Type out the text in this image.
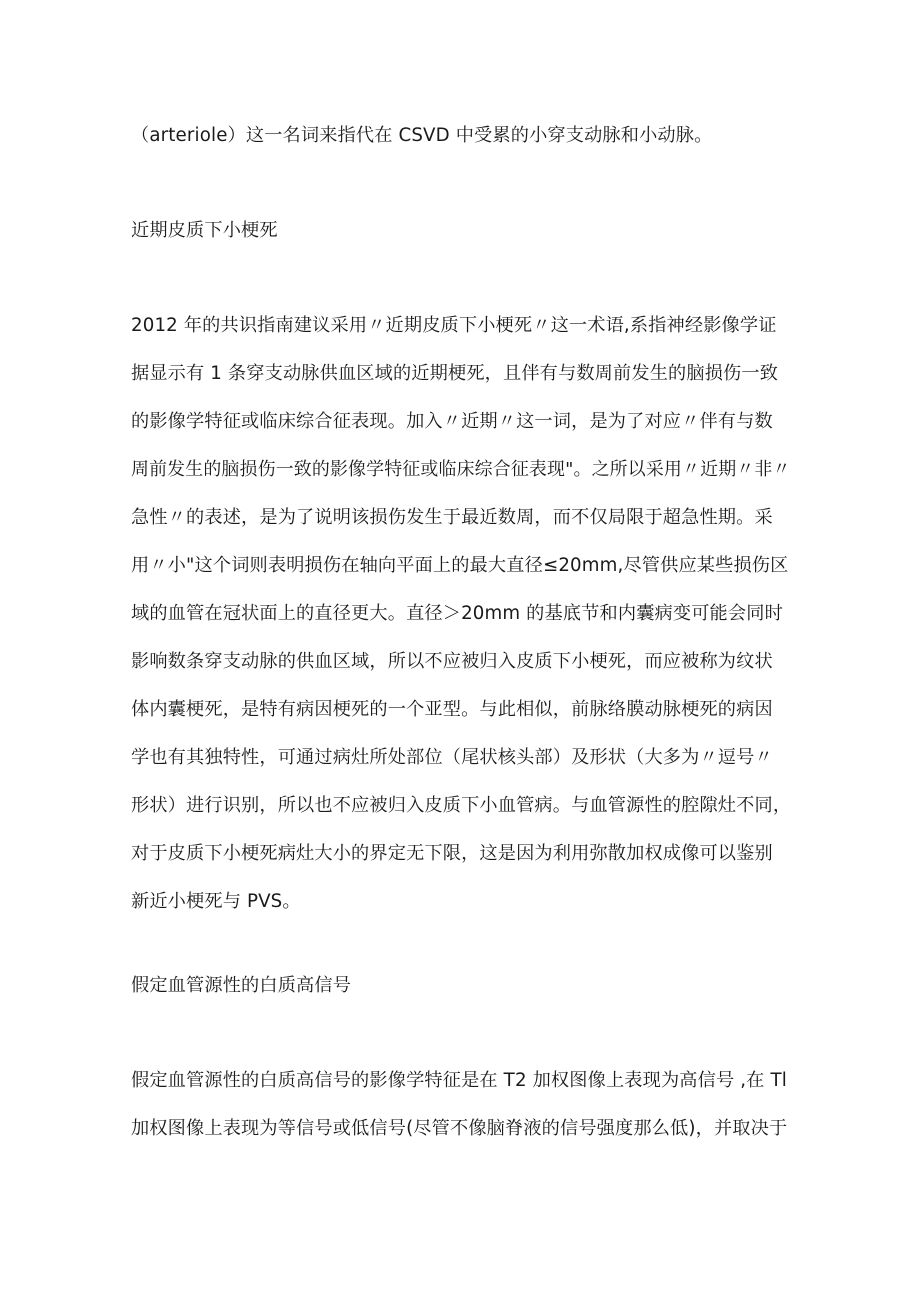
（arteriole）这一名词来指代在 CSVD 中受累的小穿支动脉和小动脉。

近期皮质下小梗死

2012 年的共识指南建议采用〃近期皮质下小梗死〃这一术语,系指神经影像学证
据显示有 1 条穿支动脉供血区域的近期梗死，且伴有与数周前发生的脑损伤一致
的影像学特征或临床综合征表现。加入〃近期〃这一词，是为了对应〃伴有与数
周前发生的脑损伤一致的影像学特征或临床综合征表现"。之所以采用〃近期〃非〃
急性〃的表述，是为了说明该损伤发生于最近数周，而不仅局限于超急性期。采
用〃小"这个词则表明损伤在轴向平面上的最大直径≤20mm,尽管供应某些损伤区
域的血管在冠状面上的直径更大。直径＞20mm 的基底节和内囊病变可能会同时
影响数条穿支动脉的供血区域，所以不应被归入皮质下小梗死，而应被称为纹状
体内囊梗死，是特有病因梗死的一个亚型。与此相似，前脉络膜动脉梗死的病因
学也有其独特性，可通过病灶所处部位（尾状核头部）及形状（大多为〃逗号〃
形状）进行识别，所以也不应被归入皮质下小血管病。与血管源性的腔隙灶不同，
对于皮质下小梗死病灶大小的界定无下限，这是因为利用弥散加权成像可以鉴别
新近小梗死与 PVS。

假定血管源性的白质高信号

假定血管源性的白质高信号的影像学特征是在 T2 加权图像上表现为高信号 ,在 Tl
加权图像上表现为等信号或低信号(尽管不像脑脊液的信号强度那么低)，并取决于
